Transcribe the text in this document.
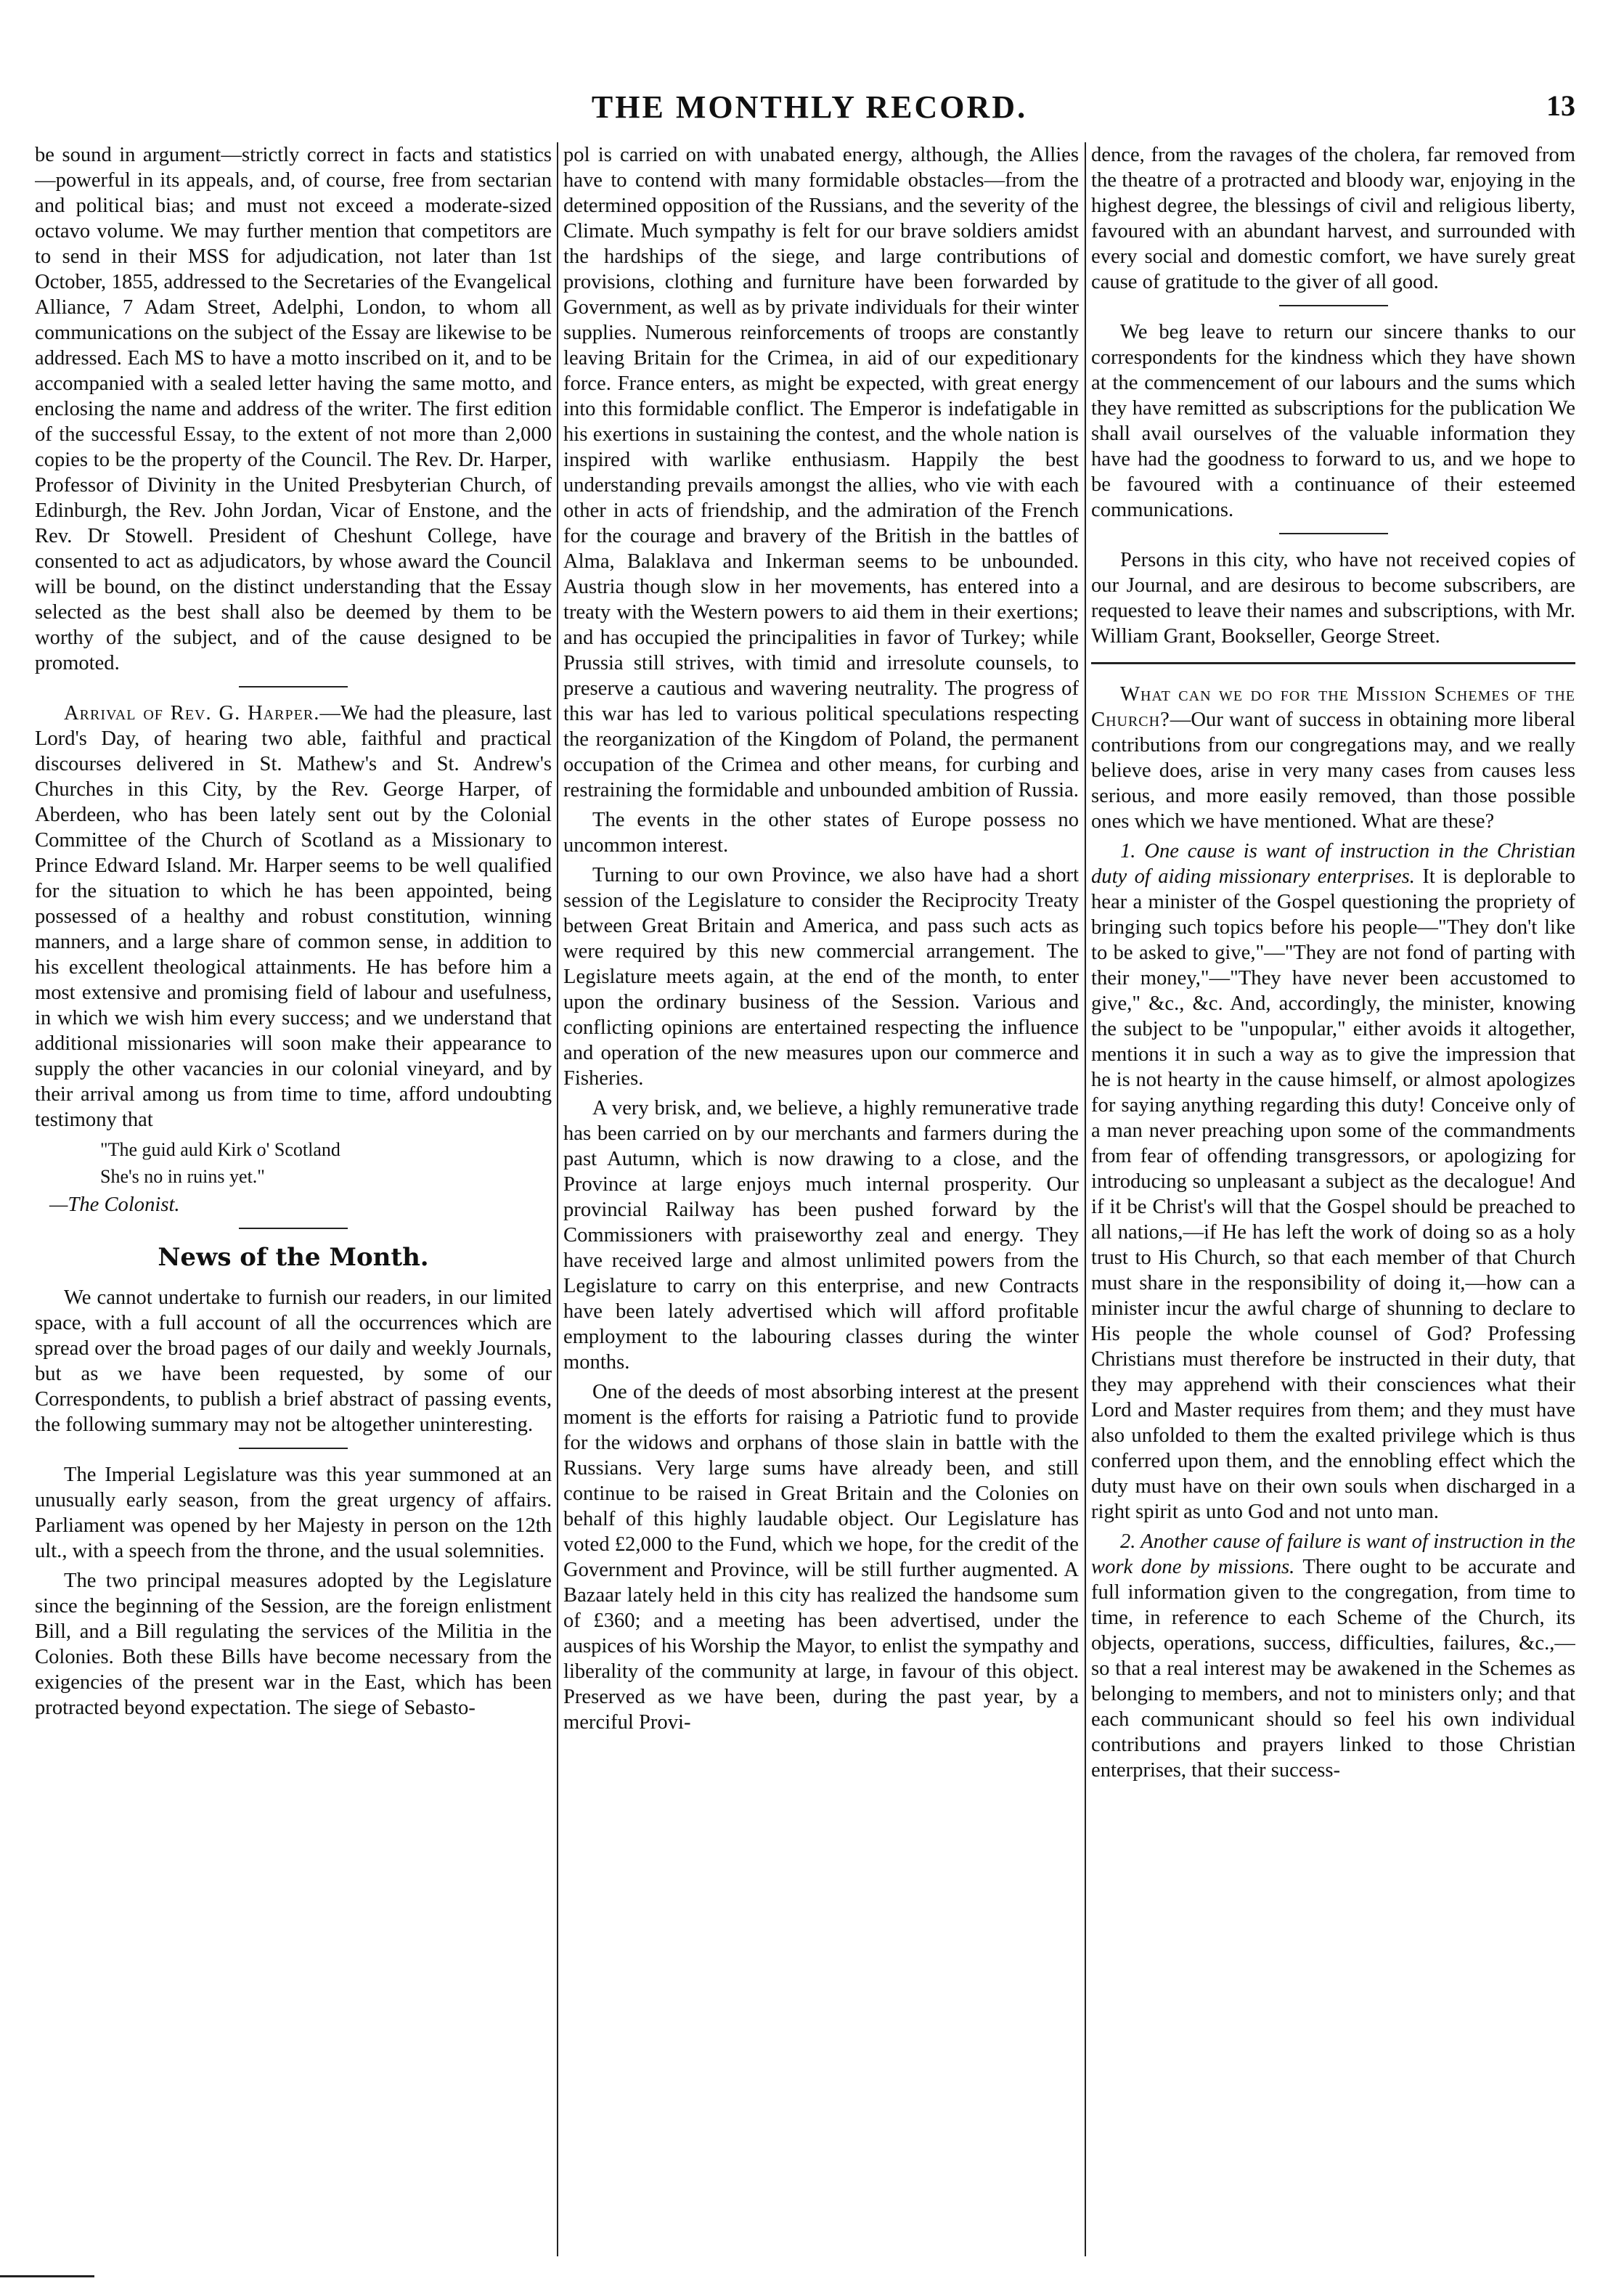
THE MONTHLY RECORD.	13

be sound in argument—strictly correct in facts and statistics—powerful in its appeals, and, of course, free from sectarian and political bias; and must not exceed a moderate-sized octavo volume. We may further mention that competitors are to send in their MSS for adjudication, not later than 1st October, 1855, addressed to the Secretaries of the Evangelical Alliance, 7 Adam Street, Adelphi, London, to whom all communications on the subject of the Essay are likewise to be addressed. Each MS to have a motto inscribed on it, and to be accompanied with a sealed letter having the same motto, and enclosing the name and address of the writer. The first edition of the successful Essay, to the extent of not more than 2,000 copies to be the property of the Council. The Rev. Dr. Harper, Professor of Divinity in the United Presbyterian Church, of Edinburgh, the Rev. John Jordan, Vicar of Enstone, and the Rev. Dr Stowell. President of Cheshunt College, have consented to act as adjudicators, by whose award the Council will be bound, on the distinct understanding that the Essay selected as the best shall also be deemed by them to be worthy of the subject, and of the cause designed to be promoted.

Arrival of Rev. G. Harper.—We had the pleasure, last Lord's Day, of hearing two able, faithful and practical discourses delivered in St. Mathew's and St. Andrew's Churches in this City, by the Rev. George Harper, of Aberdeen, who has been lately sent out by the Colonial Committee of the Church of Scotland as a Missionary to Prince Edward Island. Mr. Harper seems to be well qualified for the situation to which he has been appointed, being possessed of a healthy and robust constitution, winning manners, and a large share of common sense, in addition to his excellent theological attainments. He has before him a most extensive and promising field of labour and usefulness, in which we wish him every success; and we understand that additional missionaries will soon make their appearance to supply the other vacancies in our colonial vineyard, and by their arrival among us from time to time, afford undoubting testimony that

"The guid auld Kirk o' Scotland

She's no in ruins yet."

—The Colonist.

News of the Month.

We cannot undertake to furnish our readers, in our limited space, with a full account of all the occurrences which are spread over the broad pages of our daily and weekly Journals, but as we have been requested, by some of our Correspondents, to publish a brief abstract of passing events, the following summary may not be altogether uninteresting.

The Imperial Legislature was this year summoned at an unusually early season, from the great urgency of affairs. Parliament was opened by her Majesty in person on the 12th ult., with a speech from the throne, and the usual solemnities.

The two principal measures adopted by the Legislature since the beginning of the Session, are the foreign enlistment Bill, and a Bill regulating the services of the Militia in the Colonies. Both these Bills have become necessary from the exigencies of the present war in the East, which has been protracted beyond expectation. The siege of Sebasto-

pol is carried on with unabated energy, although, the Allies have to contend with many formidable obstacles—from the determined opposition of the Russians, and the severity of the Climate. Much sympathy is felt for our brave soldiers amidst the hardships of the siege, and large contributions of provisions, clothing and furniture have been forwarded by Government, as well as by private individuals for their winter supplies. Numerous reinforcements of troops are constantly leaving Britain for the Crimea, in aid of our expeditionary force. France enters, as might be expected, with great energy into this formidable conflict. The Emperor is indefatigable in his exertions in sustaining the contest, and the whole nation is inspired with warlike enthusiasm. Happily the best understanding prevails amongst the allies, who vie with each other in acts of friendship, and the admiration of the French for the courage and bravery of the British in the battles of Alma, Balaklava and Inkerman seems to be unbounded. Austria though slow in her movements, has entered into a treaty with the Western powers to aid them in their exertions; and has occupied the principalities in favor of Turkey; while Prussia still strives, with timid and irresolute counsels, to preserve a cautious and wavering neutrality. The progress of this war has led to various political speculations respecting the reorganization of the Kingdom of Poland, the permanent occupation of the Crimea and other means, for curbing and restraining the formidable and unbounded ambition of Russia.

The events in the other states of Europe possess no uncommon interest.

Turning to our own Province, we also have had a short session of the Legislature to consider the Reciprocity Treaty between Great Britain and America, and pass such acts as were required by this new commercial arrangement. The Legislature meets again, at the end of the month, to enter upon the ordinary business of the Session. Various and conflicting opinions are entertained respecting the influence and operation of the new measures upon our commerce and Fisheries.

A very brisk, and, we believe, a highly remunerative trade has been carried on by our merchants and farmers during the past Autumn, which is now drawing to a close, and the Province at large enjoys much internal prosperity. Our provincial Railway has been pushed forward by the Commissioners with praiseworthy zeal and energy. They have received large and almost unlimited powers from the Legislature to carry on this enterprise, and new Contracts have been lately advertised which will afford profitable employment to the labouring classes during the winter months.

One of the deeds of most absorbing interest at the present moment is the efforts for raising a Patriotic fund to provide for the widows and orphans of those slain in battle with the Russians. Very large sums have already been, and still continue to be raised in Great Britain and the Colonies on behalf of this highly laudable object. Our Legislature has voted £2,000 to the Fund, which we hope, for the credit of the Government and Province, will be still further augmented. A Bazaar lately held in this city has realized the handsome sum of £360; and a meeting has been advertised, under the auspices of his Worship the Mayor, to enlist the sympathy and liberality of the community at large, in favour of this object. Preserved as we have been, during the past year, by a merciful Provi-

dence, from the ravages of the cholera, far removed from the theatre of a protracted and bloody war, enjoying in the highest degree, the blessings of civil and religious liberty, favoured with an abundant harvest, and surrounded with every social and domestic comfort, we have surely great cause of gratitude to the giver of all good.

We beg leave to return our sincere thanks to our correspondents for the kindness which they have shown at the commencement of our labours and the sums which they have remitted as subscriptions for the publication We shall avail ourselves of the valuable information they have had the goodness to forward to us, and we hope to be favoured with a continuance of their esteemed communications.

Persons in this city, who have not received copies of our Journal, and are desirous to become subscribers, are requested to leave their names and subscriptions, with Mr. William Grant, Bookseller, George Street.

What can we do for the Mission Schemes of the Church?—Our want of success in obtaining more liberal contributions from our congregations may, and we really believe does, arise in very many cases from causes less serious, and more easily removed, than those possible ones which we have mentioned. What are these?

1. One cause is want of instruction in the Christian duty of aiding missionary enterprises. It is deplorable to hear a minister of the Gospel questioning the propriety of bringing such topics before his people—"They don't like to be asked to give,"—"They are not fond of parting with their money,"—"They have never been accustomed to give," &c., &c. And, accordingly, the minister, knowing the subject to be "unpopular," either avoids it altogether, mentions it in such a way as to give the impression that he is not hearty in the cause himself, or almost apologizes for saying anything regarding this duty! Conceive only of a man never preaching upon some of the commandments from fear of offending transgressors, or apologizing for introducing so unpleasant a subject as the decalogue! And if it be Christ's will that the Gospel should be preached to all nations,—if He has left the work of doing so as a holy trust to His Church, so that each member of that Church must share in the responsibility of doing it,—how can a minister incur the awful charge of shunning to declare to His people the whole counsel of God? Professing Christians must therefore be instructed in their duty, that they may apprehend with their consciences what their Lord and Master requires from them; and they must have also unfolded to them the exalted privilege which is thus conferred upon them, and the ennobling effect which the duty must have on their own souls when discharged in a right spirit as unto God and not unto man.

2. Another cause of failure is want of instruction in the work done by missions. There ought to be accurate and full information given to the congregation, from time to time, in reference to each Scheme of the Church, its objects, operations, success, difficulties, failures, &c.,—so that a real interest may be awakened in the Schemes as belonging to members, and not to ministers only; and that each communicant should so feel his own individual contributions and prayers linked to those Christian enterprises, that their success-
